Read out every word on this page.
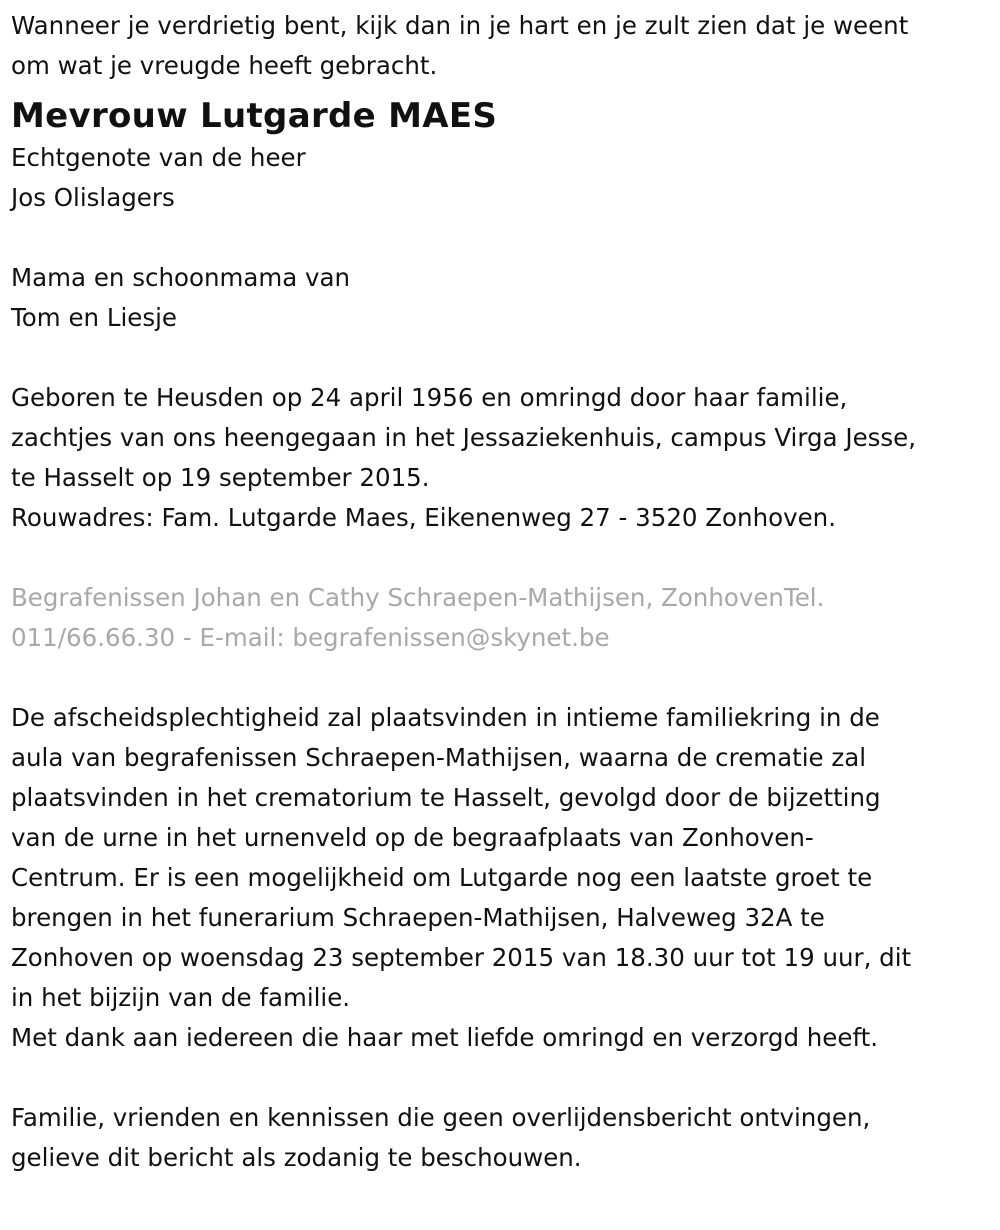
Wanneer je verdrietig bent, kijk dan in je hart en je zult zien dat je weent

om wat je vreugde heeft gebracht.

Mevrouw Lutgarde MAES

Echtgenote van de heer

Jos Olislagers

Mama en schoonmama van

Tom en Liesje

Geboren te Heusden op 24 april 1956 en omringd door haar familie,

zachtjes van ons heengegaan in het Jessaziekenhuis, campus Virga Jesse,

te Hasselt op 19 september 2015.

Rouwadres: Fam. Lutgarde Maes, Eikenenweg 27 - 3520 Zonhoven.

Begrafenissen Johan en Cathy Schraepen-Mathijsen, ZonhovenTel.

011/66.66.30 - E-mail: begrafenissen@skynet.be

De afscheidsplechtigheid zal plaatsvinden in intieme familiekring in de

aula van begrafenissen Schraepen-Mathijsen, waarna de crematie zal

plaatsvinden in het crematorium te Hasselt, gevolgd door de bijzetting

van de urne in het urnenveld op de begraafplaats van Zonhoven-

Centrum. Er is een mogelijkheid om Lutgarde nog een laatste groet te

brengen in het funerarium Schraepen-Mathijsen, Halveweg 32A te

Zonhoven op woensdag 23 september 2015 van 18.30 uur tot 19 uur, dit

in het bijzijn van de familie.

Met dank aan iedereen die haar met liefde omringd en verzorgd heeft.

Familie, vrienden en kennissen die geen overlijdensbericht ontvingen,

gelieve dit bericht als zodanig te beschouwen.
